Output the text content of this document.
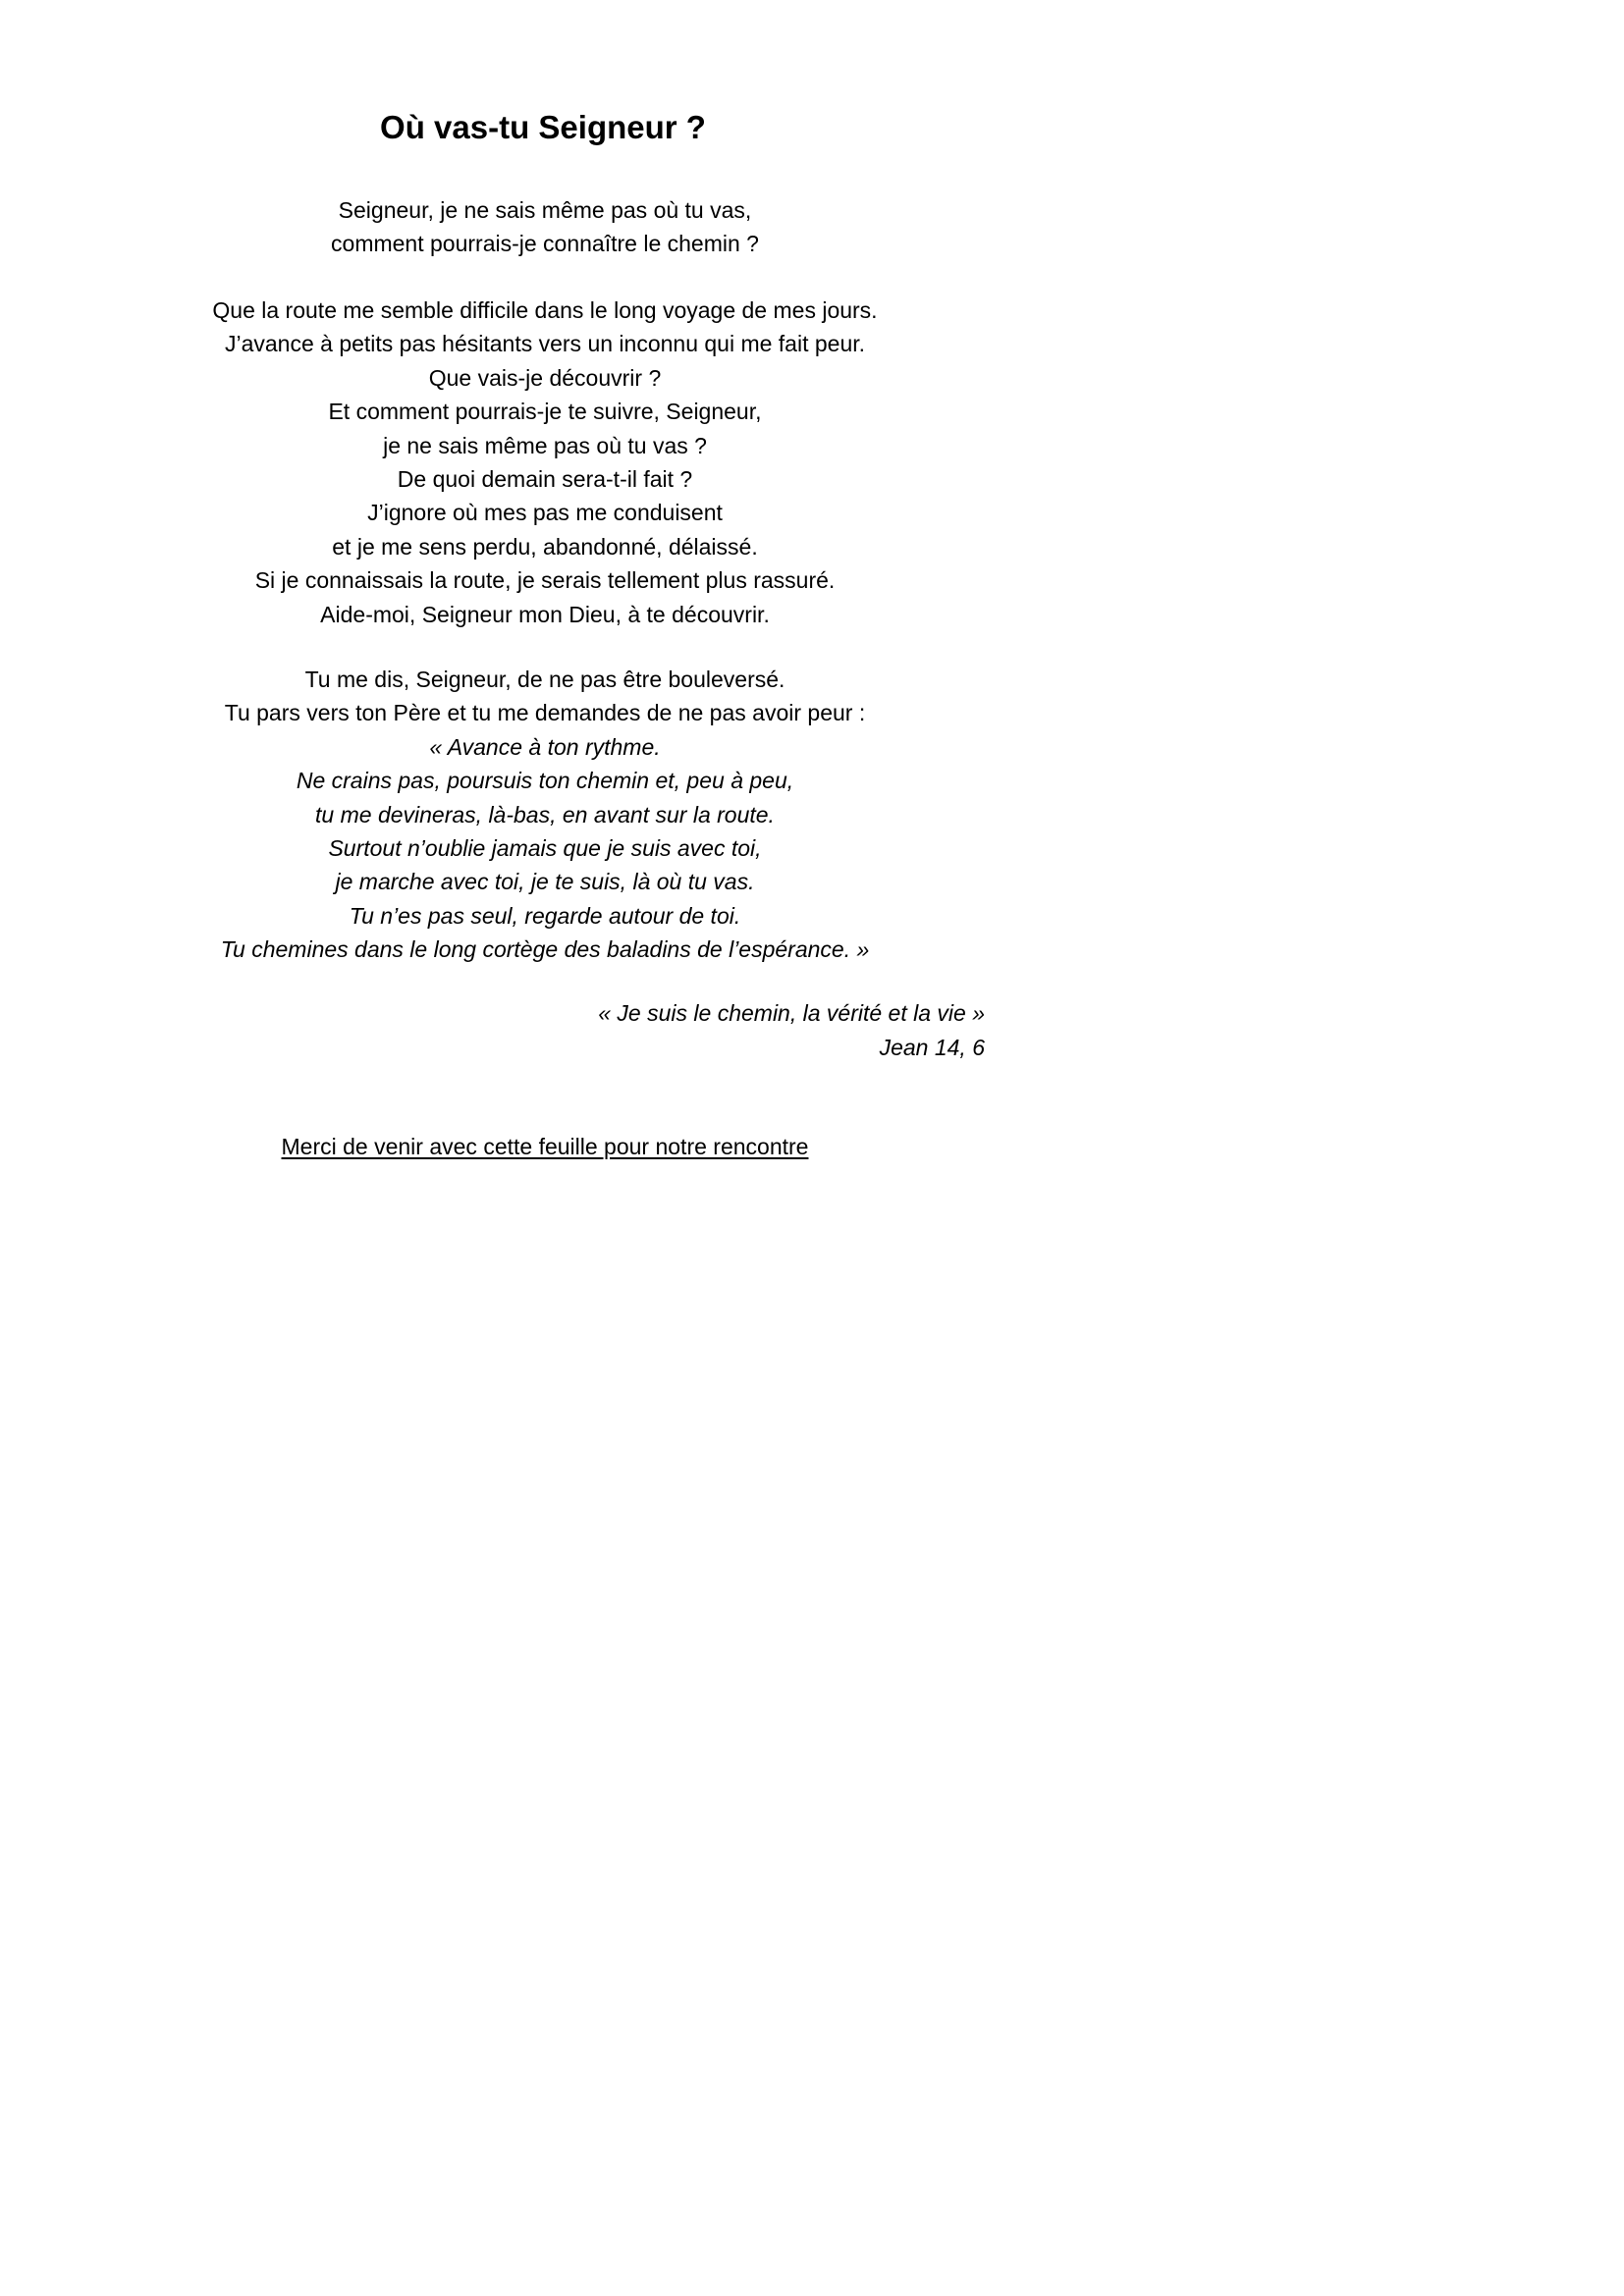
Où vas-tu Seigneur ?
Seigneur, je ne sais même pas où tu vas,
comment pourrais-je connaître le chemin ?
Que la route me semble difficile dans le long voyage de mes jours.
J’avance à petits pas hésitants vers un inconnu qui me fait peur.
Que vais-je découvrir ?
Et comment pourrais-je te suivre, Seigneur,
je ne sais même pas où tu vas ?
De quoi demain sera-t-il fait ?
J’ignore où mes pas me conduisent
et je me sens perdu, abandonné, délaissé.
Si je connaissais la route, je serais tellement plus rassuré.
Aide-moi, Seigneur mon Dieu, à te découvrir.
Tu me dis, Seigneur, de ne pas être bouleversé.
Tu pars vers ton Père et tu me demandes de ne pas avoir peur :
« Avance à ton rythme.
Ne crains pas, poursuis ton chemin et, peu à peu,
tu me devineras, là-bas, en avant sur la route.
Surtout n’oublie jamais que je suis avec toi,
je marche avec toi, je te suis, là où tu vas.
Tu n’es pas seul, regarde autour de toi.
Tu chemines dans le long cortège des baladins de l’espérance. »
« Je suis le chemin, la vérité et la vie »
Jean 14, 6

Merci de venir avec cette feuille pour notre rencontre
